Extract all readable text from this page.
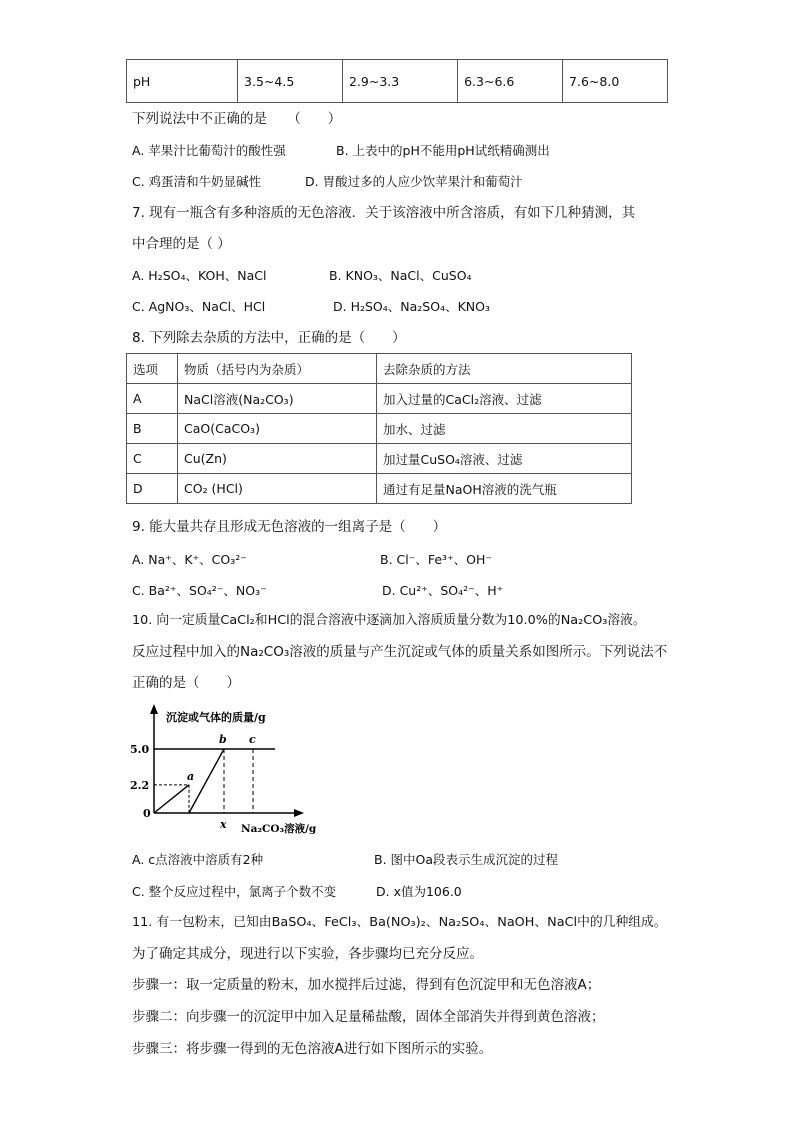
pH	3.5~4.5	2.9~3.3	6.3~6.6	7.6~8.0
下列说法中不正确的是　　（　　）
A. 苹果汁比葡萄汁的酸性强	B. 上表中的pH不能用pH试纸精确测出
C. 鸡蛋清和牛奶显碱性	D. 胃酸过多的人应少饮苹果汁和葡萄汁
7. 现有一瓶含有多种溶质的无色溶液．关于该溶液中所含溶质，有如下几种猜测，其
中合理的是（ ）
A. H₂SO₄、KOH、NaCl	B. KNO₃、NaCl、CuSO₄
C. AgNO₃、NaCl、HCl	D. H₂SO₄、Na₂SO₄、KNO₃
8. 下列除去杂质的方法中，正确的是（　　）
选项	物质（括号内为杂质）	去除杂质的方法
A	NaCl溶液(Na₂CO₃)	加入过量的CaCl₂溶液、过滤
B	CaO(CaCO₃)	加水、过滤
C	Cu(Zn)	加过量CuSO₄溶液、过滤
D	CO₂ (HCl)	通过有足量NaOH溶液的洗气瓶
9. 能大量共存且形成无色溶液的一组离子是（　　）
A. Na⁺、K⁺、CO₃²⁻	B. Cl⁻、Fe³⁺、OH⁻
C. Ba²⁺、SO₄²⁻、NO₃⁻	D. Cu²⁺、SO₄²⁻、H⁺
10. 向一定质量CaCl₂和HCl的混合溶液中逐滴加入溶质质量分数为10.0%的Na₂CO₃溶液。
反应过程中加入的Na₂CO₃溶液的质量与产生沉淀或气体的质量关系如图所示。下列说法不
正确的是（　　）
沉淀或气体的质量/g
Na₂CO₃溶液/g
0
5.0
2.2
x
a
b c
A. c点溶液中溶质有2种	B. 图中Oa段表示生成沉淀的过程
C. 整个反应过程中，氯离子个数不变	D. x值为106.0
11. 有一包粉末，已知由BaSO₄、FeCl₃、Ba(NO₃)₂、Na₂SO₄、NaOH、NaCl中的几种组成。
为了确定其成分，现进行以下实验，各步骤均已充分反应。
步骤一：取一定质量的粉末，加水搅拌后过滤，得到有色沉淀甲和无色溶液A；
步骤二：向步骤一的沉淀甲中加入足量稀盐酸，固体全部消失并得到黄色溶液；
步骤三：将步骤一得到的无色溶液A进行如下图所示的实验。
